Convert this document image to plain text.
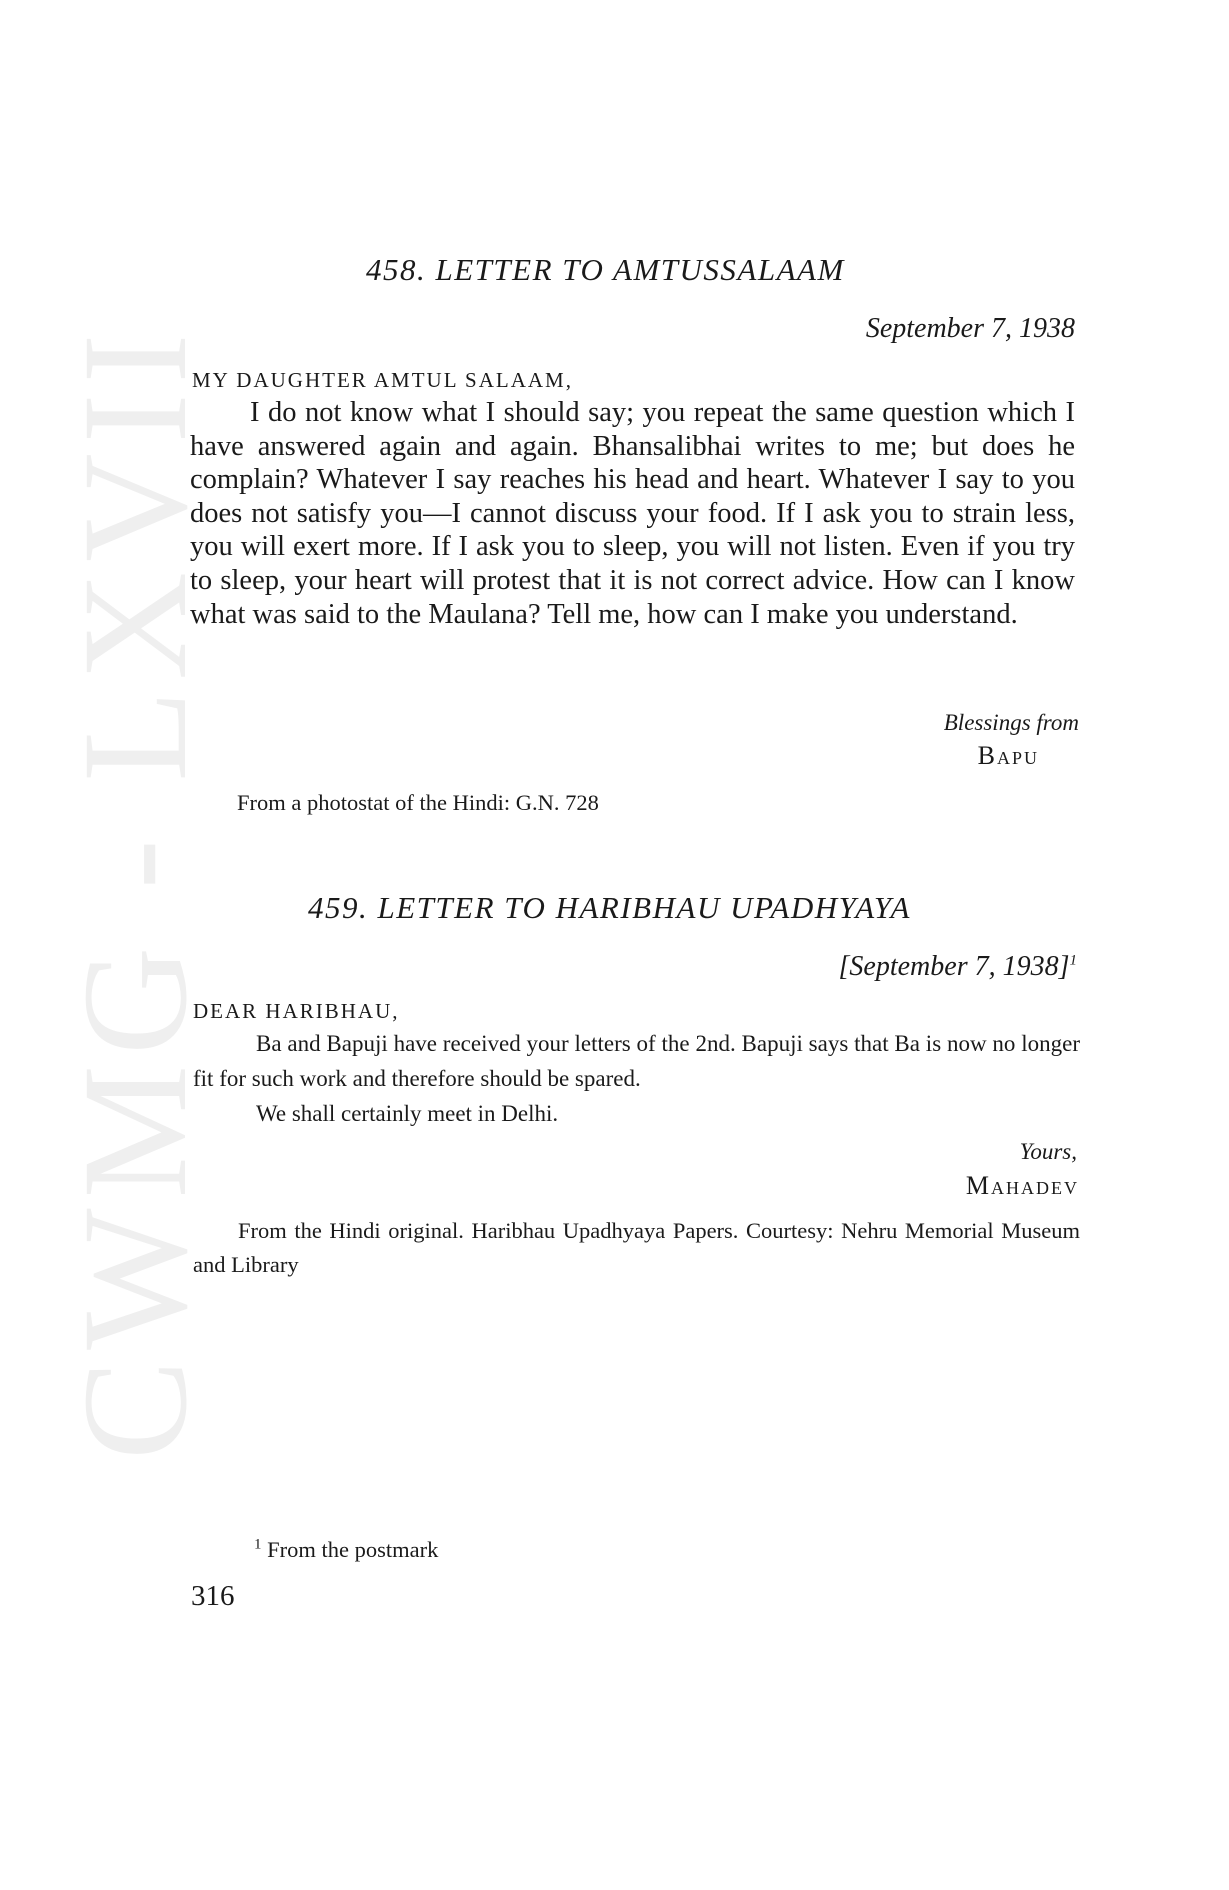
CWMG - LXVII
458. LETTER TO AMTUSSALAAM
September 7, 1938
MY DAUGHTER AMTUL SALAAM,

I do not know what I should say; you repeat the same question which I have answered again and again. Bhansalibhai writes to me; but does he complain? Whatever I say reaches his head and heart. Whatever I say to you does not satisfy you—I cannot discuss your food. If I ask you to strain less, you will exert more. If I ask you to sleep, you will not listen. Even if you try to sleep, your heart will protest that it is not correct advice. How can I know what was said to the Maulana? Tell me, how can I make you understand.

Blessings from
Bapu
From a photostat of the Hindi: G.N. 728
459. LETTER TO HARIBHAU UPADHYAYA
[September 7, 1938]$^1$
DEAR HARIBHAU,

Ba and Bapuji have received your letters of the 2nd. Bapuji says that Ba is now no longer fit for such work and therefore should be spared.

We shall certainly meet in Delhi.

Yours,
Mahadev

From the Hindi original. Haribhau Upadhyaya Papers. Courtesy: Nehru Memorial Museum and Library

$^1$ From the postmark
316
